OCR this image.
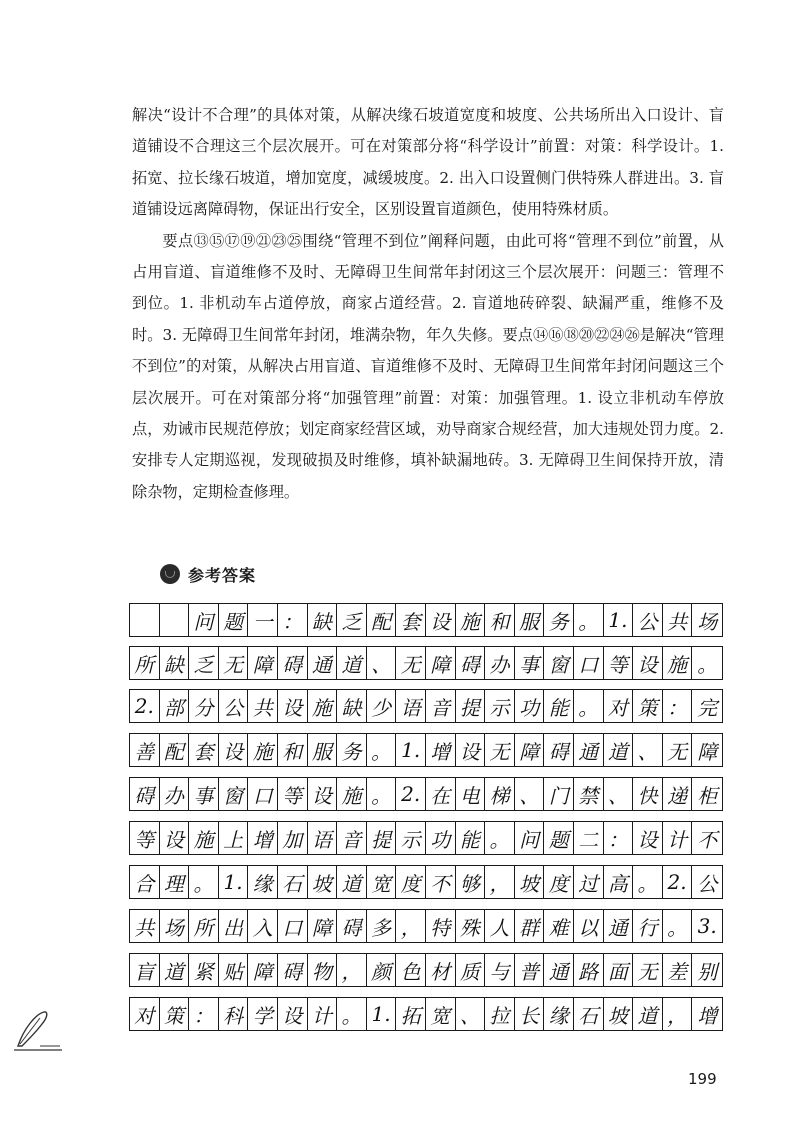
解决“设计不合理”的具体对策，从解决缘石坡道宽度和坡度、公共场所出入口设计、盲道铺设不合理这三个层次展开。可在对策部分将“科学设计”前置：对策：科学设计。1. 拓宽、拉长缘石坡道，增加宽度，减缓坡度。2. 出入口设置侧门供特殊人群进出。3. 盲道铺设远离障碍物，保证出行安全，区别设置盲道颜色，使用特殊材质。

要点⑬⑮⑰⑲㉑㉓㉕围绕“管理不到位”阐释问题，由此可将“管理不到位”前置，从占用盲道、盲道维修不及时、无障碍卫生间常年封闭这三个层次展开：问题三：管理不到位。1. 非机动车占道停放，商家占道经营。2. 盲道地砖碎裂、缺漏严重，维修不及时。3. 无障碍卫生间常年封闭，堆满杂物，年久失修。要点⑭⑯⑱⑳㉒㉔㉖是解决“管理不到位”的对策，从解决占用盲道、盲道维修不及时、无障碍卫生间常年封闭问题这三个层次展开。可在对策部分将“加强管理”前置：对策：加强管理。1. 设立非机动车停放点，劝诫市民规范停放；划定商家经营区域，劝导商家合规经营，加大违规处罚力度。2. 安排专人定期巡视，发现破损及时维修，填补缺漏地砖。3. 无障碍卫生间保持开放，清除杂物，定期检查修理。

参考答案
问 题 一 ： 缺 乏 配 套 设 施 和 服 务 。 1. 公 共 场
所 缺 乏 无 障 碍 通 道 、 无 障 碍 办 事 窗 口 等 设 施 。
2. 部 分 公 共 设 施 缺 少 语 音 提 示 功 能 。 对 策 ： 完
善 配 套 设 施 和 服 务 。 1. 增 设 无 障 碍 通 道 、 无 障
碍 办 事 窗 口 等 设 施 。 2. 在 电 梯 、 门 禁 、 快 递 柜
等 设 施 上 增 加 语 音 提 示 功 能 。 问 题 二 ： 设 计 不
合 理 。 1. 缘 石 坡 道 宽 度 不 够 ， 坡 度 过 高 。 2. 公
共 场 所 出 入 口 障 碍 多 ， 特 殊 人 群 难 以 通 行 。 3.
盲 道 紧 贴 障 碍 物 ， 颜 色 材 质 与 普 通 路 面 无 差 别
对 策 ： 科 学 设 计 。 1. 拓 宽 、 拉 长 缘 石 坡 道 ， 增
199
